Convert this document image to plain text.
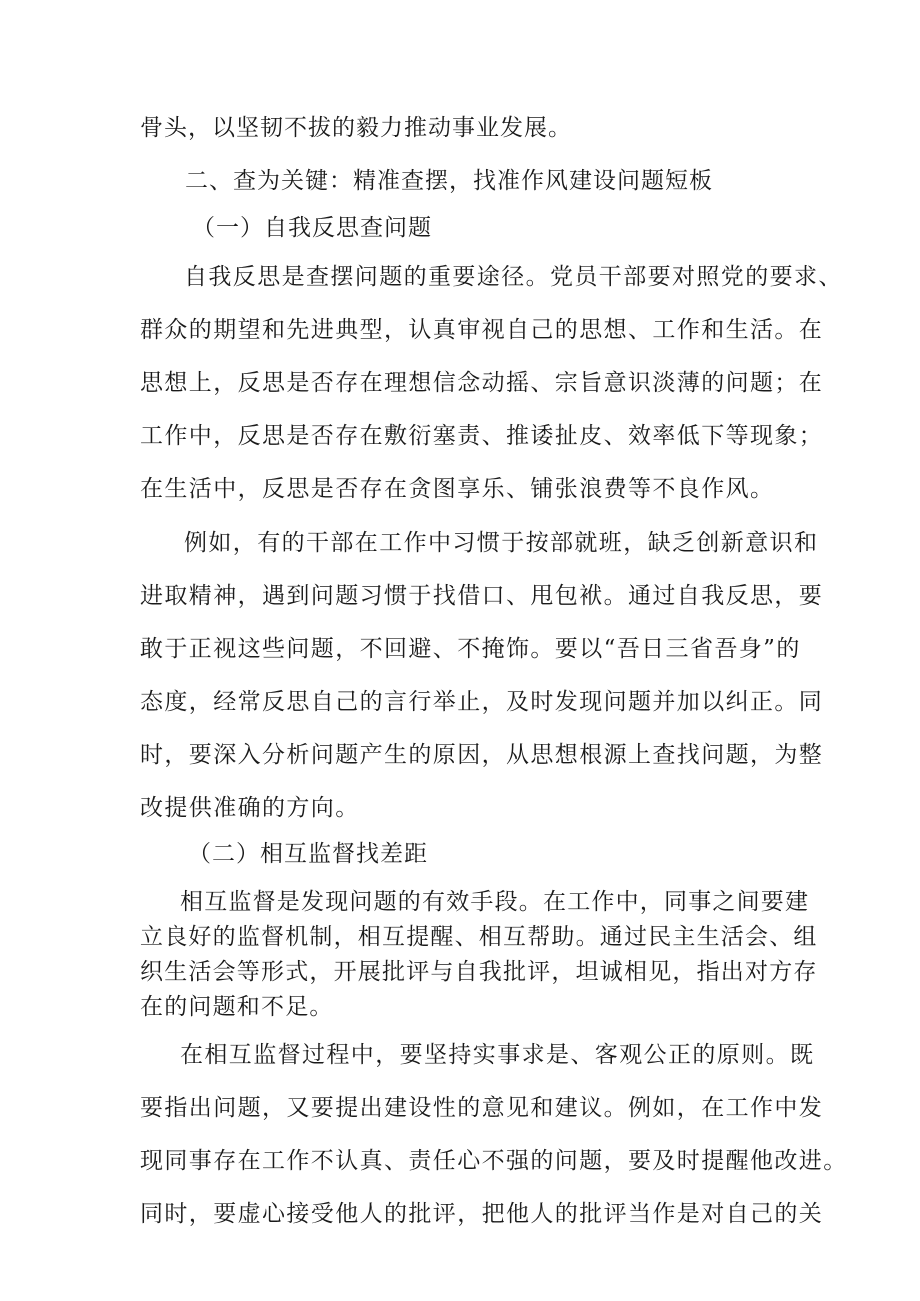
骨头，以坚韧不拔的毅力推动事业发展。
二、查为关键：精准查摆，找准作风建设问题短板
（一）自我反思查问题
自我反思是查摆问题的重要途径。党员干部要对照党的要求、
群众的期望和先进典型，认真审视自己的思想、工作和生活。在
思想上，反思是否存在理想信念动摇、宗旨意识淡薄的问题；在
工作中，反思是否存在敷衍塞责、推诿扯皮、效率低下等现象；
在生活中，反思是否存在贪图享乐、铺张浪费等不良作风。
例如，有的干部在工作中习惯于按部就班，缺乏创新意识和
进取精神，遇到问题习惯于找借口、甩包袱。通过自我反思，要
敢于正视这些问题，不回避、不掩饰。要以“吾日三省吾身”的
态度，经常反思自己的言行举止，及时发现问题并加以纠正。同
时，要深入分析问题产生的原因，从思想根源上查找问题，为整
改提供准确的方向。
（二）相互监督找差距
相互监督是发现问题的有效手段。在工作中，同事之间要建
立良好的监督机制，相互提醒、相互帮助。通过民主生活会、组
织生活会等形式，开展批评与自我批评，坦诚相见，指出对方存
在的问题和不足。
在相互监督过程中，要坚持实事求是、客观公正的原则。既
要指出问题，又要提出建设性的意见和建议。例如，在工作中发
现同事存在工作不认真、责任心不强的问题，要及时提醒他改进。
同时，要虚心接受他人的批评，把他人的批评当作是对自己的关
